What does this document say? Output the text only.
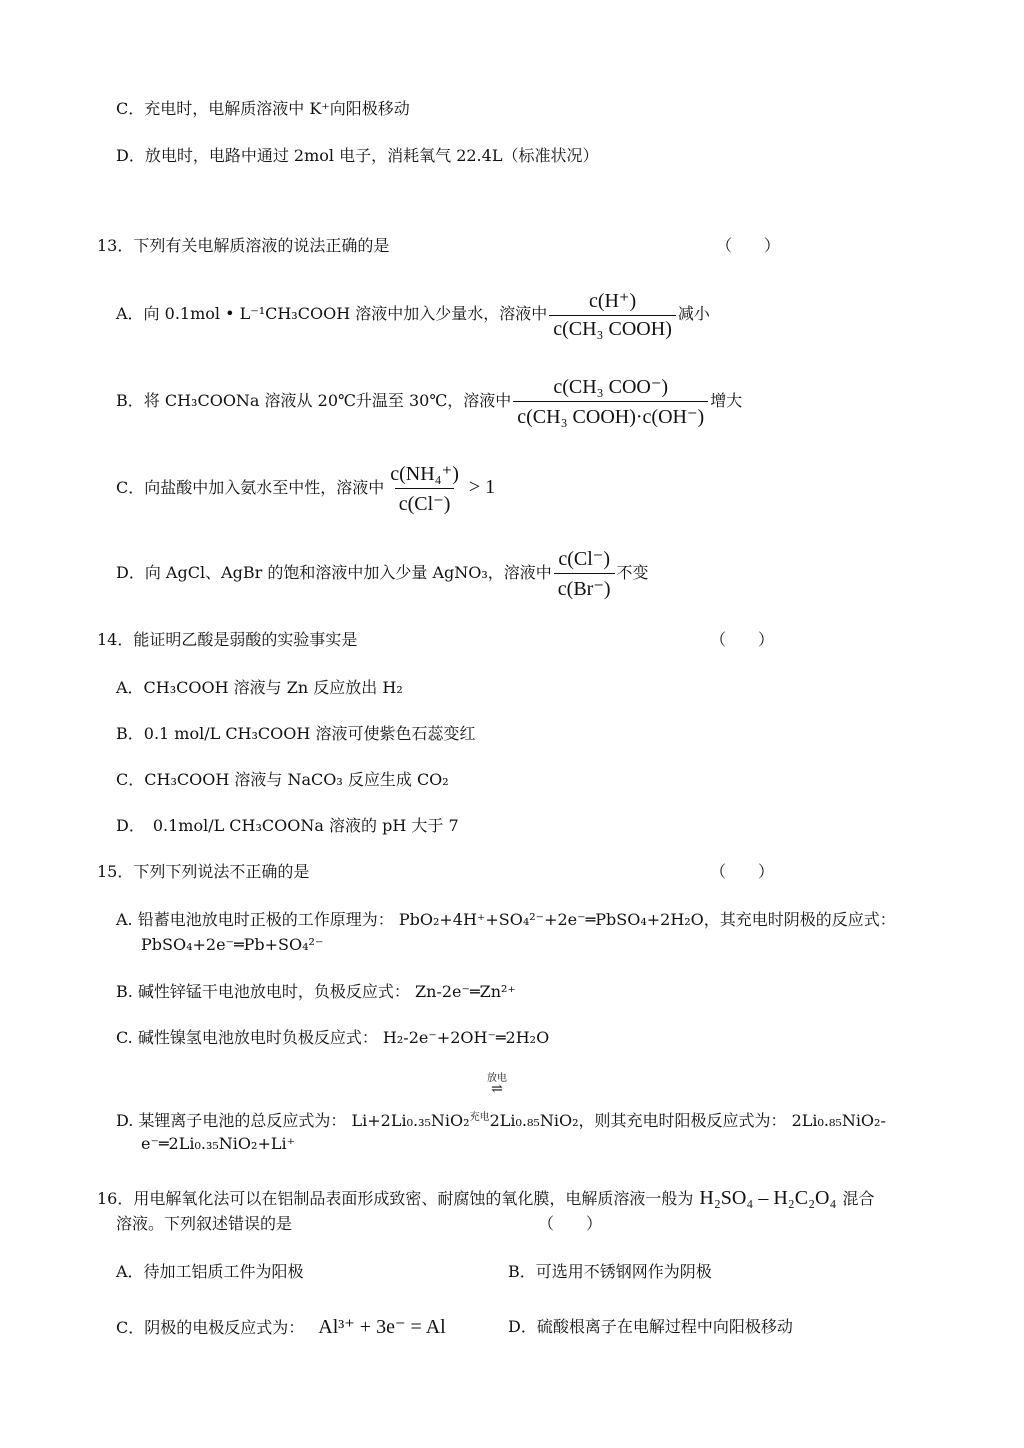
C．充电时，电解质溶液中 K⁺向阳极移动
D．放电时，电路中通过 2mol 电子，消耗氧气 22.4L（标准状况）
13．下列有关电解质溶液的说法正确的是	（　　）
A．向 0.1mol • L⁻¹CH₃COOH 溶液中加入少量水，溶液中 $\frac{c(H^+)}{\text{c(CH₃ COOH)}}$ 减小
B．将 CH₃COONa 溶液从 20℃升温至 30℃，溶液中 $\frac{\text{c(CH₃ COO⁻)}}{\text{c(CH₃ COOH)·c(OH⁻)}}$ 增大
C．向盐酸中加入氨水至中性，溶液中 $\frac{\text{c(NH₄⁺)}}{c(Cl^-)} > 1$
D．向 AgCl、AgBr 的饱和溶液中加入少量 AgNO₃，溶液中 $\frac{c(Cl^-)}{c(Br^-)}$ 不变
14．能证明乙酸是弱酸的实验事实是	（　　）
A．CH₃COOH 溶液与 Zn 反应放出 H₂
B．0.1 mol/L CH₃COOH 溶液可使紫色石蕊变红
C．CH₃COOH 溶液与 NaCO₃ 反应生成 CO₂
D．　0.1mol/L CH₃COONa 溶液的 pH 大于 7
15．下列下列说法不正确的是	（　　）
A. 铅蓄电池放电时正极的工作原理为： PbO₂+4H⁺+SO₄²⁻+2e⁻═PbSO₄+2H₂O，其充电时阴极的反应式：
PbSO₄+2e⁻═Pb+SO₄²⁻
B. 碱性锌锰干电池放电时，负极反应式： Zn-2e⁻═Zn²⁺
C. 碱性镍氢电池放电时负极反应式： H₂-2e⁻+2OH⁻═2H₂O
放电
⇌
D. 某锂离子电池的总反应式为： Li+2Li₀.₃₅NiO₂$^{充电}$2Li₀.₈₅NiO₂，则其充电时阳极反应式为： 2Li₀.₈₅NiO₂-
e⁻═2Li₀.₃₅NiO₂+Li⁺
16．用电解氧化法可以在铝制品表面形成致密、耐腐蚀的氧化膜，电解质溶液一般为 H₂SO₄ – H₂C₂O₄ 混合
溶液。下列叙述错误的是	（　　）
A．待加工铝质工件为阳极	B．可选用不锈钢网作为阴极
C．阴极的电极反应式为： Al³⁺ + 3e⁻ = Al	D．硫酸根离子在电解过程中向阳极移动
